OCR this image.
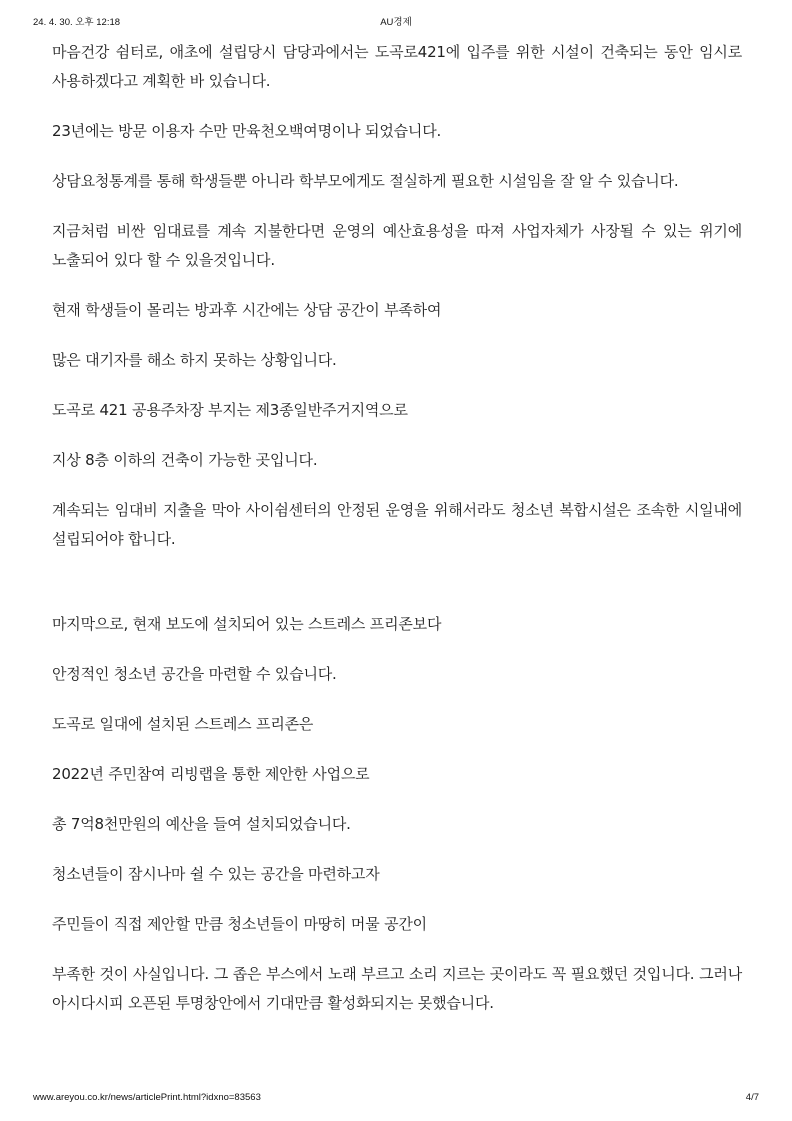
24. 4. 30. 오후 12:18	AU경제

마음건강 쉼터로, 애초에 설립당시 담당과에서는 도곡로421에 입주를 위한 시설이 건축되는 동안 임시로 사용하겠다고 계획한 바 있습니다.

23년에는 방문 이용자 수만 만육천오백여명이나 되었습니다.

상담요청통계를 통해 학생들뿐 아니라 학부모에게도 절실하게 필요한 시설임을 잘 알 수 있습니다.

지금처럼 비싼 임대료를 계속 지불한다면 운영의 예산효용성을 따져 사업자체가 사장될 수 있는 위기에 노출되어 있다 할 수 있을것입니다.

현재 학생들이 몰리는 방과후 시간에는 상담 공간이 부족하여

많은 대기자를 해소 하지 못하는 상황입니다.

도곡로 421 공용주차장 부지는 제3종일반주거지역으로

지상 8층 이하의 건축이 가능한 곳입니다.

계속되는 임대비 지출을 막아 사이쉼센터의 안정된 운영을 위해서라도 청소년 복합시설은 조속한 시일내에 설립되어야 합니다.

마지막으로, 현재 보도에 설치되어 있는 스트레스 프리존보다

안정적인 청소년 공간을 마련할 수 있습니다.

도곡로 일대에 설치된 스트레스 프리존은

2022년 주민참여 리빙랩을 통한 제안한 사업으로

총 7억8천만원의 예산을 들여 설치되었습니다.

청소년들이 잠시나마 쉴 수 있는 공간을 마련하고자

주민들이 직접 제안할 만큼 청소년들이 마땅히 머물 공간이

부족한 것이 사실입니다. 그 좁은 부스에서 노래 부르고 소리 지르는 곳이라도 꼭 필요했던 것입니다. 그러나 아시다시피 오픈된 투명창안에서 기대만큼 활성화되지는 못했습니다.

www.areyou.co.kr/news/articlePrint.html?idxno=83563	4/7
